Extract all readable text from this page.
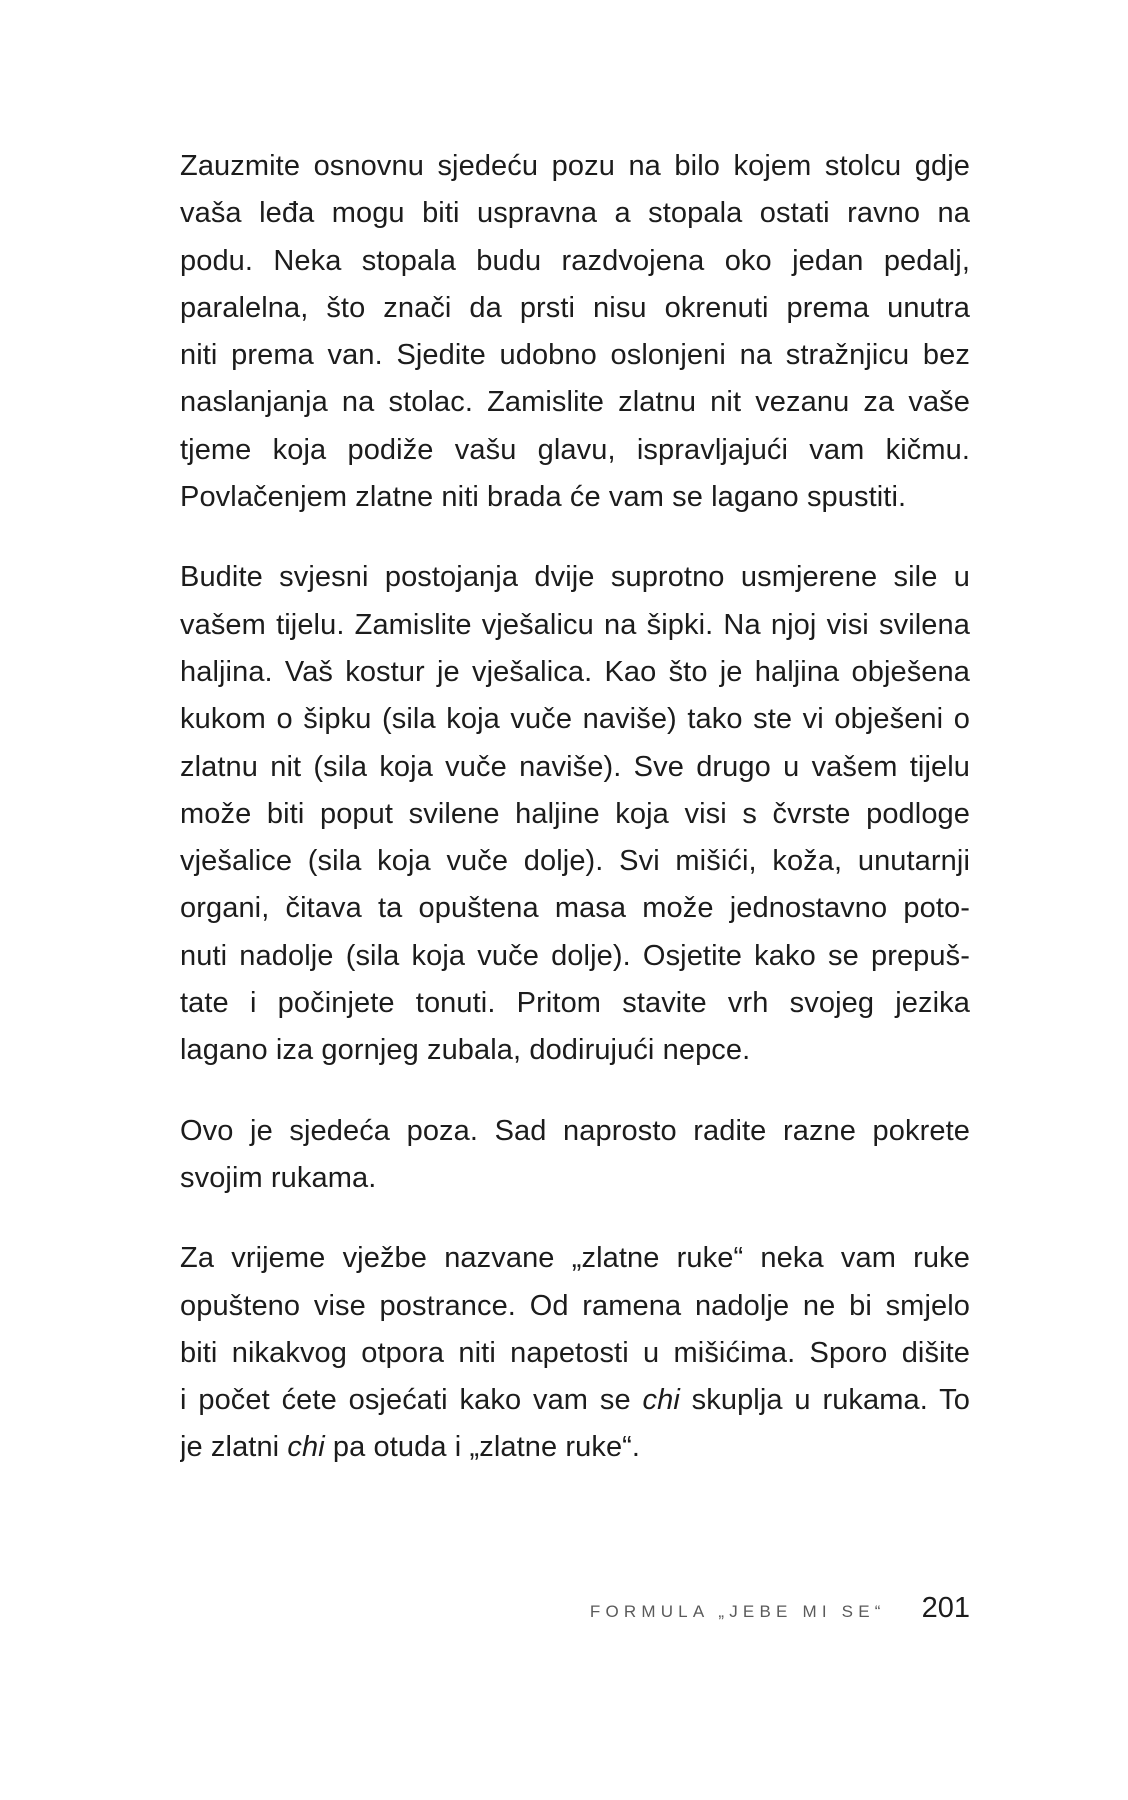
Zauzmite osnovnu sjedeću pozu na bilo kojem stolcu gdje
vaša leđa mogu biti uspravna a stopala ostati ravno na
podu. Neka stopala budu razdvojena oko jedan pedalj,
paralelna, što znači da prsti nisu okrenuti prema unutra
niti prema van. Sjedite udobno oslonjeni na stražnjicu bez
naslanjanja na stolac. Zamislite zlatnu nit vezanu za vaše
tjeme koja podiže vašu glavu, ispravljajući vam kičmu.
Povlačenjem zlatne niti brada će vam se lagano spustiti.

Budite svjesni postojanja dvije suprotno usmjerene sile u
vašem tijelu. Zamislite vješalicu na šipki. Na njoj visi svilena
haljina. Vaš kostur je vješalica. Kao što je haljina obješena
kukom o šipku (sila koja vuče naviše) tako ste vi obješeni o
zlatnu nit (sila koja vuče naviše). Sve drugo u vašem tijelu
može biti poput svilene haljine koja visi s čvrste podloge
vješalice (sila koja vuče dolje). Svi mišići, koža, unutarnji
organi, čitava ta opuštena masa može jednostavno poto-
nuti nadolje (sila koja vuče dolje). Osjetite kako se prepuš-
tate i počinjete tonuti. Pritom stavite vrh svojeg jezika
lagano iza gornjeg zubala, dodirujući nepce.

Ovo je sjedeća poza. Sad naprosto radite razne pokrete
svojim rukama.

Za vrijeme vježbe nazvane „zlatne ruke“ neka vam ruke
opušteno vise postrance. Od ramena nadolje ne bi smjelo
biti nikakvog otpora niti napetosti u mišićima. Sporo dišite
i počet ćete osjećati kako vam se chi skuplja u rukama. To
je zlatni chi pa otuda i „zlatne ruke“.

FORMULA „JEBE MI SE“ 201
